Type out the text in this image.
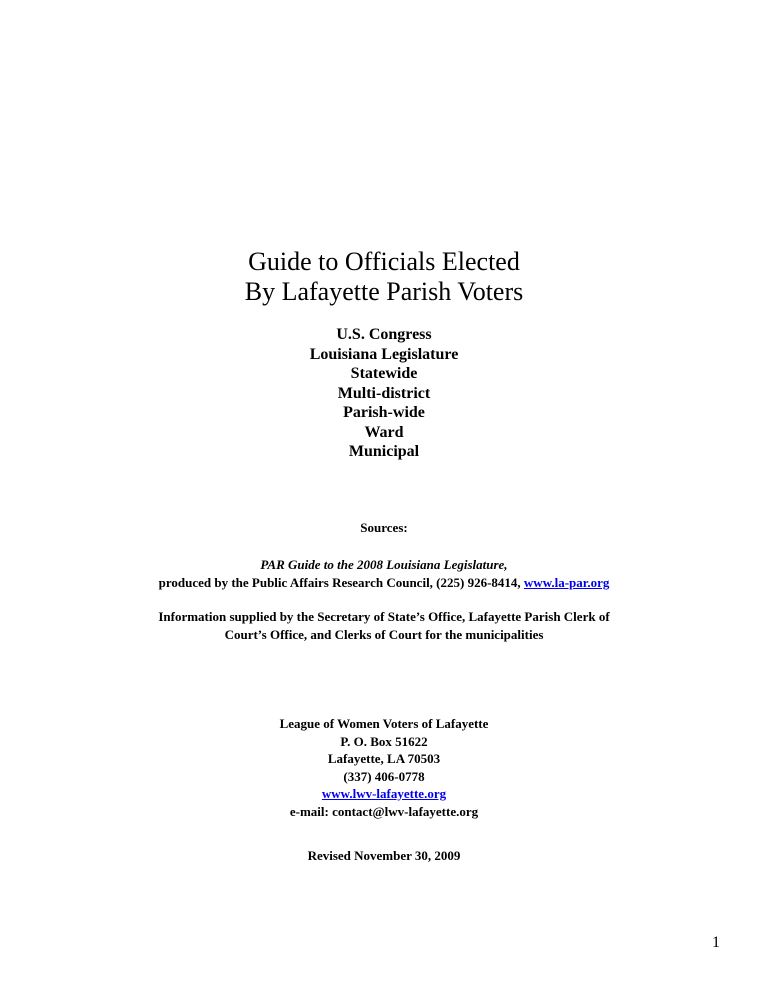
Guide to Officials Elected
By Lafayette Parish Voters
U.S. Congress
Louisiana Legislature
Statewide
Multi-district
Parish-wide
Ward
Municipal
Sources:
PAR Guide to the 2008 Louisiana Legislature,
produced by the Public Affairs Research Council, (225) 926-8414, www.la-par.org
Information supplied by the Secretary of State’s Office, Lafayette Parish Clerk of
Court’s Office, and Clerks of Court for the municipalities
League of Women Voters of Lafayette
P. O. Box 51622
Lafayette, LA 70503
(337) 406-0778
www.lwv-lafayette.org
e-mail: contact@lwv-lafayette.org
Revised November 30, 2009
1
